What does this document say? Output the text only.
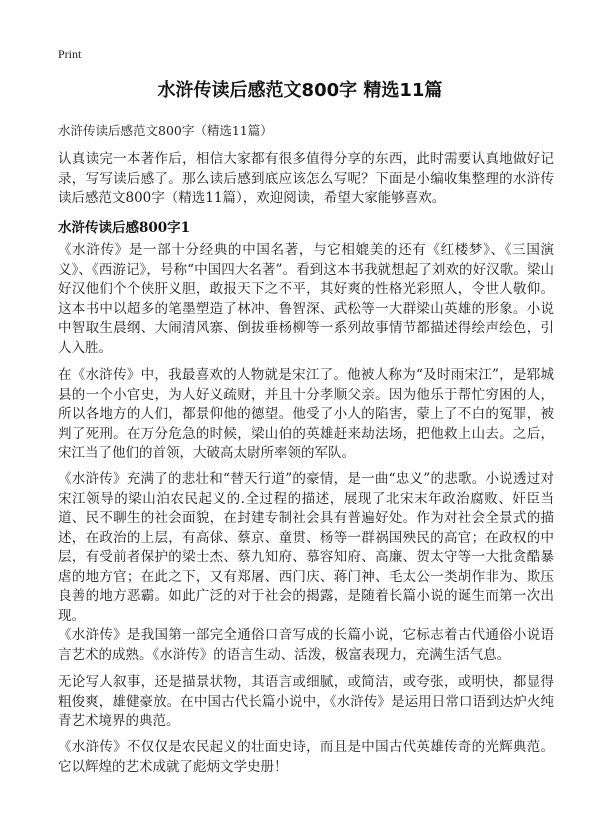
Print
水浒传读后感范文800字 精选11篇
水浒传读后感范文800字（精选11篇）

认真读完一本著作后，相信大家都有很多值得分享的东西，此时需要认真地做好记录，写写读后感了。那么读后感到底应该怎么写呢？下面是小编收集整理的水浒传读后感范文800字（精选11篇），欢迎阅读，希望大家能够喜欢。

水浒传读后感800字1

《水浒传》是一部十分经典的中国名著，与它相媲美的还有《红楼梦》、《三国演义》、《西游记》，号称“中国四大名著”。看到这本书我就想起了刘欢的好汉歌。梁山好汉他们个个侠肝义胆，敢报天下之不平，其好爽的性格光彩照人，令世人敬仰。这本书中以超多的笔墨塑造了林冲、鲁智深、武松等一大群梁山英雄的形象。小说中智取生晨纲、大闹清风寨、倒拔垂杨柳等一系列故事情节都描述得绘声绘色，引人入胜。

在《水浒传》中，我最喜欢的人物就是宋江了。他被人称为“及时雨宋江”，是郓城县的一个小官史，为人好义疏财，并且十分孝顺父亲。因为他乐于帮忙穷困的人，所以各地方的人们，都景仰他的德望。他受了小人的陷害，蒙上了不白的冤罪，被判了死刑。在万分危急的时候，梁山伯的英雄赶来劫法场，把他救上山去。之后，宋江当了他们的首领，大破高太尉所率领的军队。

《水浒传》充满了的悲壮和“替天行道”的豪情，是一曲“忠义”的悲歌。小说透过对宋江领导的梁山泊农民起义的.全过程的描述，展现了北宋末年政治腐败、奸臣当道、民不聊生的社会面貌，在封建专制社会具有普遍好处。作为对社会全景式的描述，在政治的上层，有高俅、蔡京、童贯、杨等一群祸国殃民的高官；在政权的中层，有受前者保护的梁士杰、蔡九知府、慕容知府、高廉、贺太守等一大批贪酷暴虐的地方官；在此之下，又有郑屠、西门庆、蒋门神、毛太公一类胡作非为、欺压良善的地方恶霸。如此广泛的对于社会的揭露，是随着长篇小说的诞生而第一次出现。

《水浒传》是我国第一部完全通俗口音写成的长篇小说，它标志着古代通俗小说语言艺术的成熟。《水浒传》的语言生动、活泼，极富表现力，充满生活气息。

无论写人叙事，还是描景状物，其语言或细腻，或简洁，或夸张，或明快，都显得粗俊爽，雄健豪放。在中国古代长篇小说中，《水浒传》是运用日常口语到达炉火纯青艺术境界的典范。

《水浒传》不仅仅是农民起义的壮面史诗，而且是中国古代英雄传奇的光辉典范。它以辉煌的艺术成就了彪炳文学史册！
